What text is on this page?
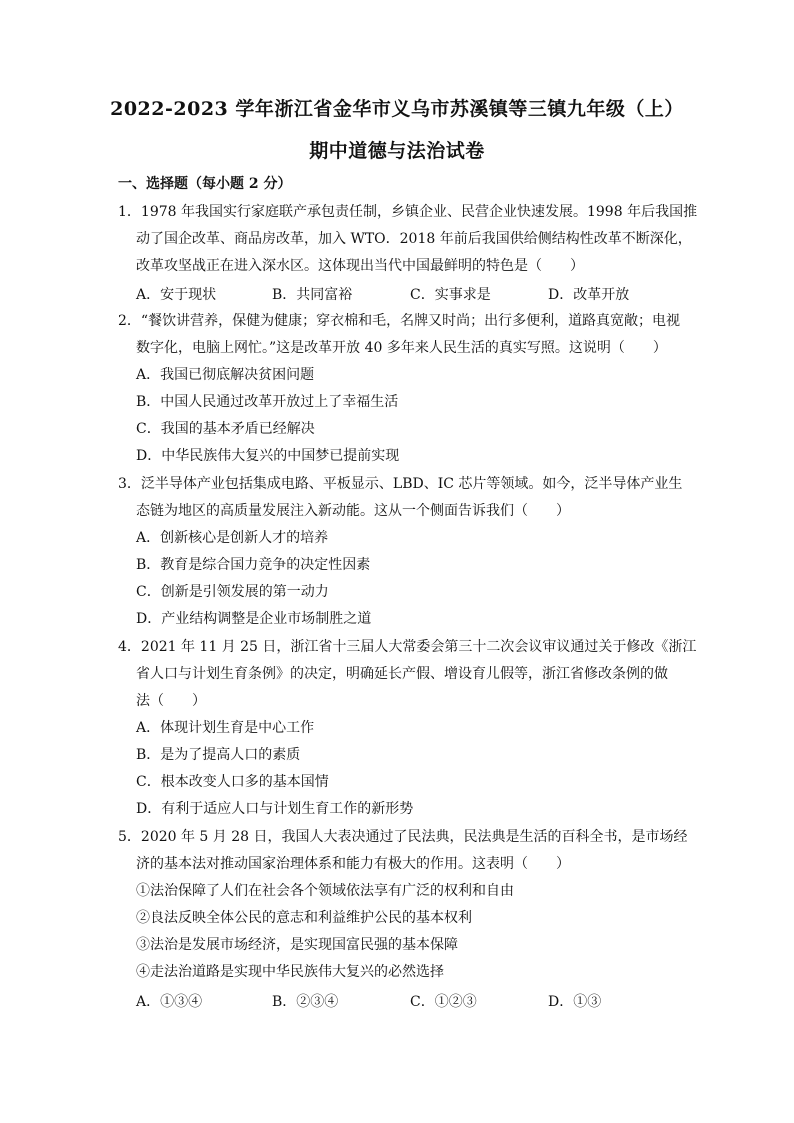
2022-2023 学年浙江省金华市义乌市苏溪镇等三镇九年级（上）
期中道德与法治试卷
一、选择题（每小题 2 分）
1．1978 年我国实行家庭联产承包责任制，乡镇企业、民营企业快速发展。1998 年后我国推
动了国企改革、商品房改革，加入 WTO．2018 年前后我国供给侧结构性改革不断深化，
改革攻坚战正在进入深水区。这体现出当代中国最鲜明的特色是（　　）
A．安于现状	B．共同富裕	C．实事求是	D．改革开放
2．“餐饮讲营养，保健为健康；穿衣棉和毛，名牌又时尚；出行多便利，道路真宽敞；电视
数字化，电脑上网忙。”这是改革开放 40 多年来人民生活的真实写照。这说明（　　）
A．我国已彻底解决贫困问题
B．中国人民通过改革开放过上了幸福生活
C．我国的基本矛盾已经解决
D．中华民族伟大复兴的中国梦已提前实现
3．泛半导体产业包括集成电路、平板显示、LBD、IC 芯片等领域。如今，泛半导体产业生
态链为地区的高质量发展注入新动能。这从一个侧面告诉我们（　　）
A．创新核心是创新人才的培养
B．教育是综合国力竞争的决定性因素
C．创新是引领发展的第一动力
D．产业结构调整是企业市场制胜之道
4．2021 年 11 月 25 日，浙江省十三届人大常委会第三十二次会议审议通过关于修改《浙江
省人口与计划生育条例》的决定，明确延长产假、增设育儿假等，浙江省修改条例的做
法（　　）
A．体现计划生育是中心工作
B．是为了提高人口的素质
C．根本改变人口多的基本国情
D．有利于适应人口与计划生育工作的新形势
5．2020 年 5 月 28 日，我国人大表决通过了民法典，民法典是生活的百科全书，是市场经
济的基本法对推动国家治理体系和能力有极大的作用。这表明（　　）
①法治保障了人们在社会各个领域依法享有广泛的权利和自由
②良法反映全体公民的意志和利益维护公民的基本权利
③法治是发展市场经济，是实现国富民强的基本保障
④走法治道路是实现中华民族伟大复兴的必然选择
A．①③④	B．②③④	C．①②③	D．①③
